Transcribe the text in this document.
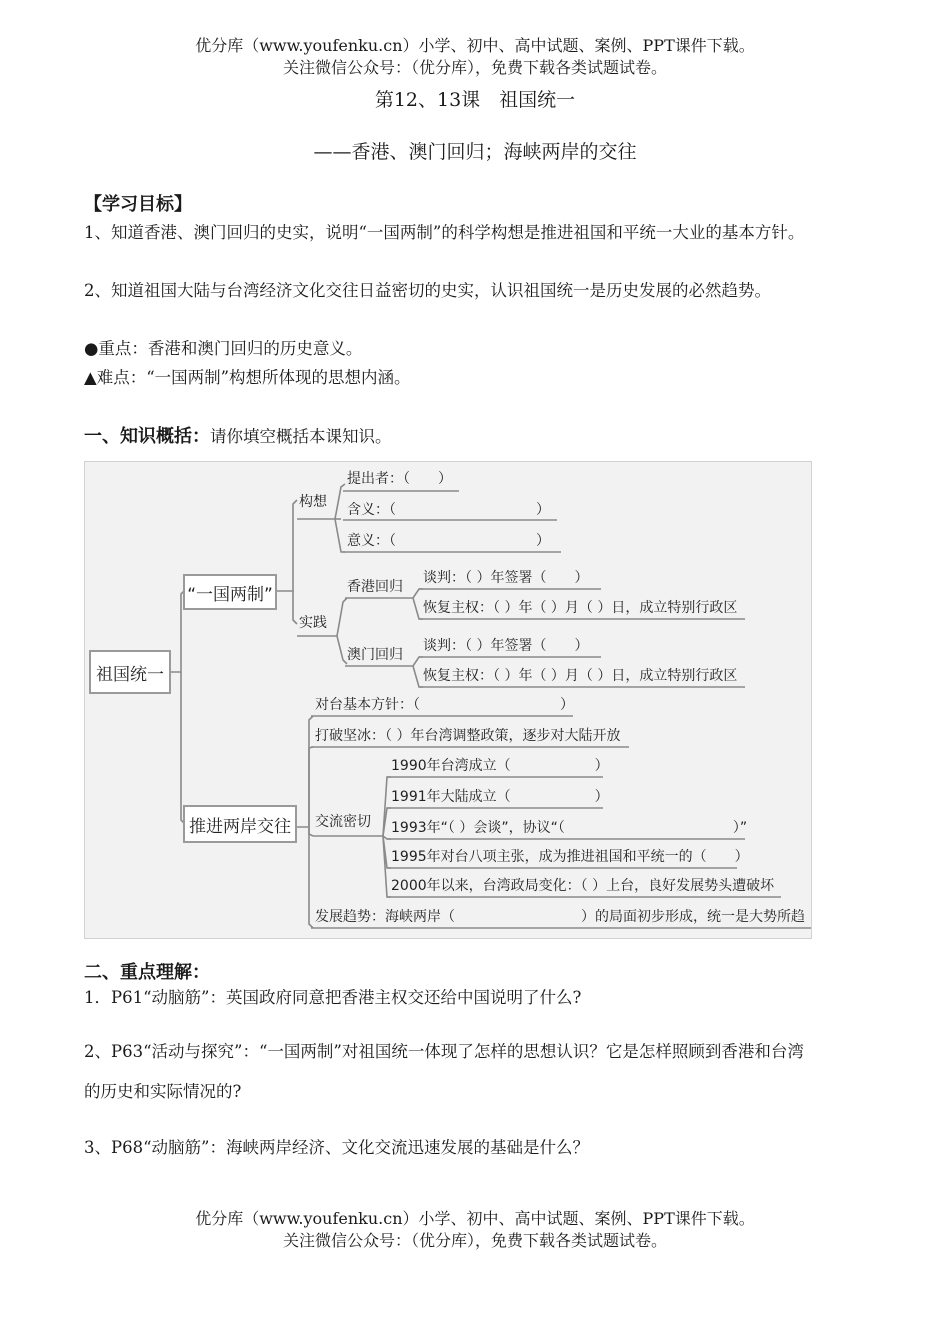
优分库（www.youfenku.cn）小学、初中、高中试题、案例、PPT课件下载。
关注微信公众号：（优分库），免费下载各类试题试卷。
第12、13课　祖国统一
——香港、澳门回归；海峡两岸的交往
【学习目标】
1、知道香港、澳门回归的史实，说明“一国两制”的科学构想是推进祖国和平统一大业的基本方针。
2、知道祖国大陆与台湾经济文化交往日益密切的史实，认识祖国统一是历史发展的必然趋势。
●重点：香港和澳门回归的历史意义。
▲难点：“一国两制”构想所体现的思想内涵。
一、知识概括：请你填空概括本课知识。
祖国统一
“一国两制”
推进两岸交往
构想
提出者：（　　）
含义：（　　　　　　　　　　）
意义：（　　　　　　　　　　）
实践
香港回归
谈判：（ ）年签署（　　）
恢复主权：（ ）年（ ）月（ ）日，成立特别行政区
澳门回归
谈判：（ ）年签署（　　）
恢复主权：（ ）年（ ）月（ ）日，成立特别行政区
对台基本方针：（　　　　　　　　　　）
打破坚冰：（ ）年台湾调整政策，逐步对大陆开放
交流密切
1990年台湾成立（　　　　　　）
1991年大陆成立（　　　　　　）
1993年“（ ）会谈”，协议“（　　　　　　　　　　　　）”
1995年对台八项主张，成为推进祖国和平统一的（　　）
2000年以来，台湾政局变化：（ ）上台，良好发展势头遭破坏
发展趋势：海峡两岸（　　　　　　　　　）的局面初步形成，统一是大势所趋
二、重点理解：
1．P61“动脑筋”：英国政府同意把香港主权交还给中国说明了什么?
2、P63“活动与探究”：“一国两制”对祖国统一体现了怎样的思想认识？它是怎样照顾到香港和台湾的历史和实际情况的?
3、P68“动脑筋”：海峡两岸经济、文化交流迅速发展的基础是什么？
优分库（www.youfenku.cn）小学、初中、高中试题、案例、PPT课件下载。
关注微信公众号：（优分库），免费下载各类试题试卷。
